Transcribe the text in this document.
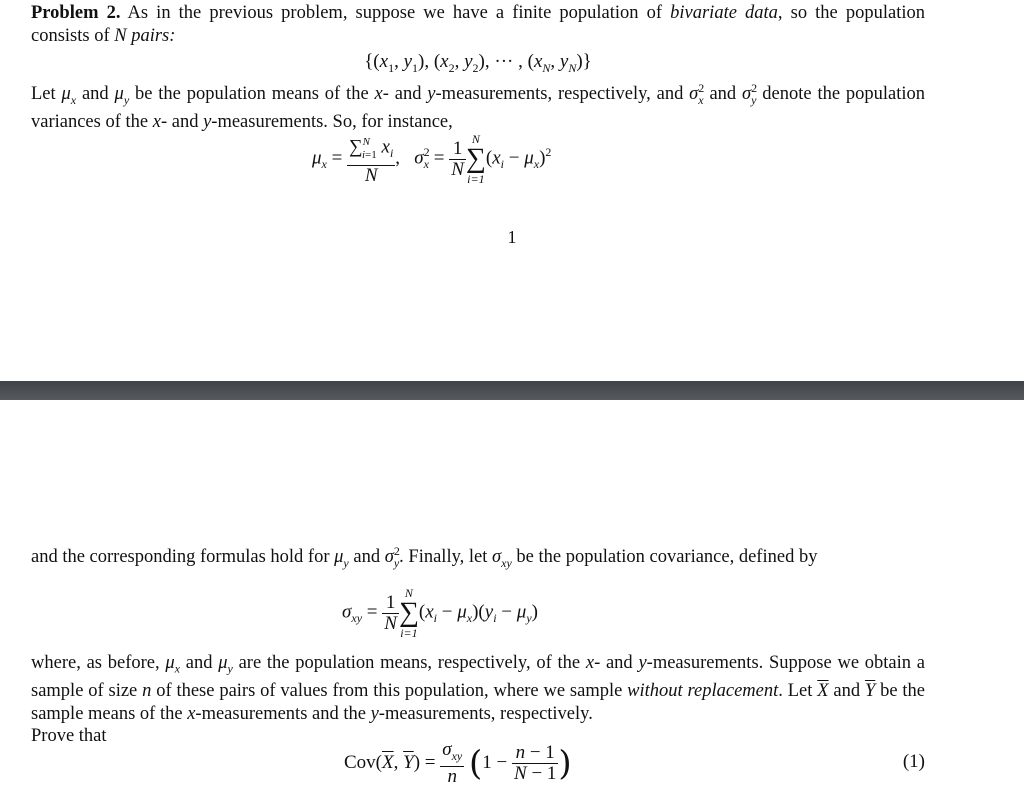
Problem 2. As in the previous problem, suppose we have a finite population of bivariate data, so the population consists of N pairs:
{($x_1$, $y_1$), ($x_2$, $y_2$), ··· , ($x_N$, $y_N$)}
Let $\mu_x$ and $\mu_y$ be the population means of the x- and y-measurements, respectively, and $\sigma^2_x$ and $\sigma^2_y$ denote the population variances of the x- and y-measurements. So, for instance,
$\mu_x = \frac{\sum^N_{i=1} x_i}{N}$ ,   $\sigma^2_x = \frac{1}{N}$ N
∑
i=1
$(x_i - \mu_x)^2$
1
and the corresponding formulas hold for $\mu_y$ and $\sigma^2_y$. Finally, let $\sigma_{xy}$ be the population covariance, defined by
$\sigma_{xy} = \frac{1}{N}$ N
∑
i=1
$(x_i - \mu_x)(y_i - \mu_y)$
where, as before, $\mu_x$ and $\mu_y$ are the population means, respectively, of the x- and y-measurements. Suppose we obtain a sample of size n of these pairs of values from this population, where we sample without replacement. Let $\overline{X}$ and $\overline{Y}$ be the sample means of the x-measurements and the y-measurements, respectively.
Prove that
$Cov(\overline{X}$, $\overline{Y}) = \frac{\sigma_{xy}}{n} (1 - \frac{n - 1}{N - 1}$ )	(1)
